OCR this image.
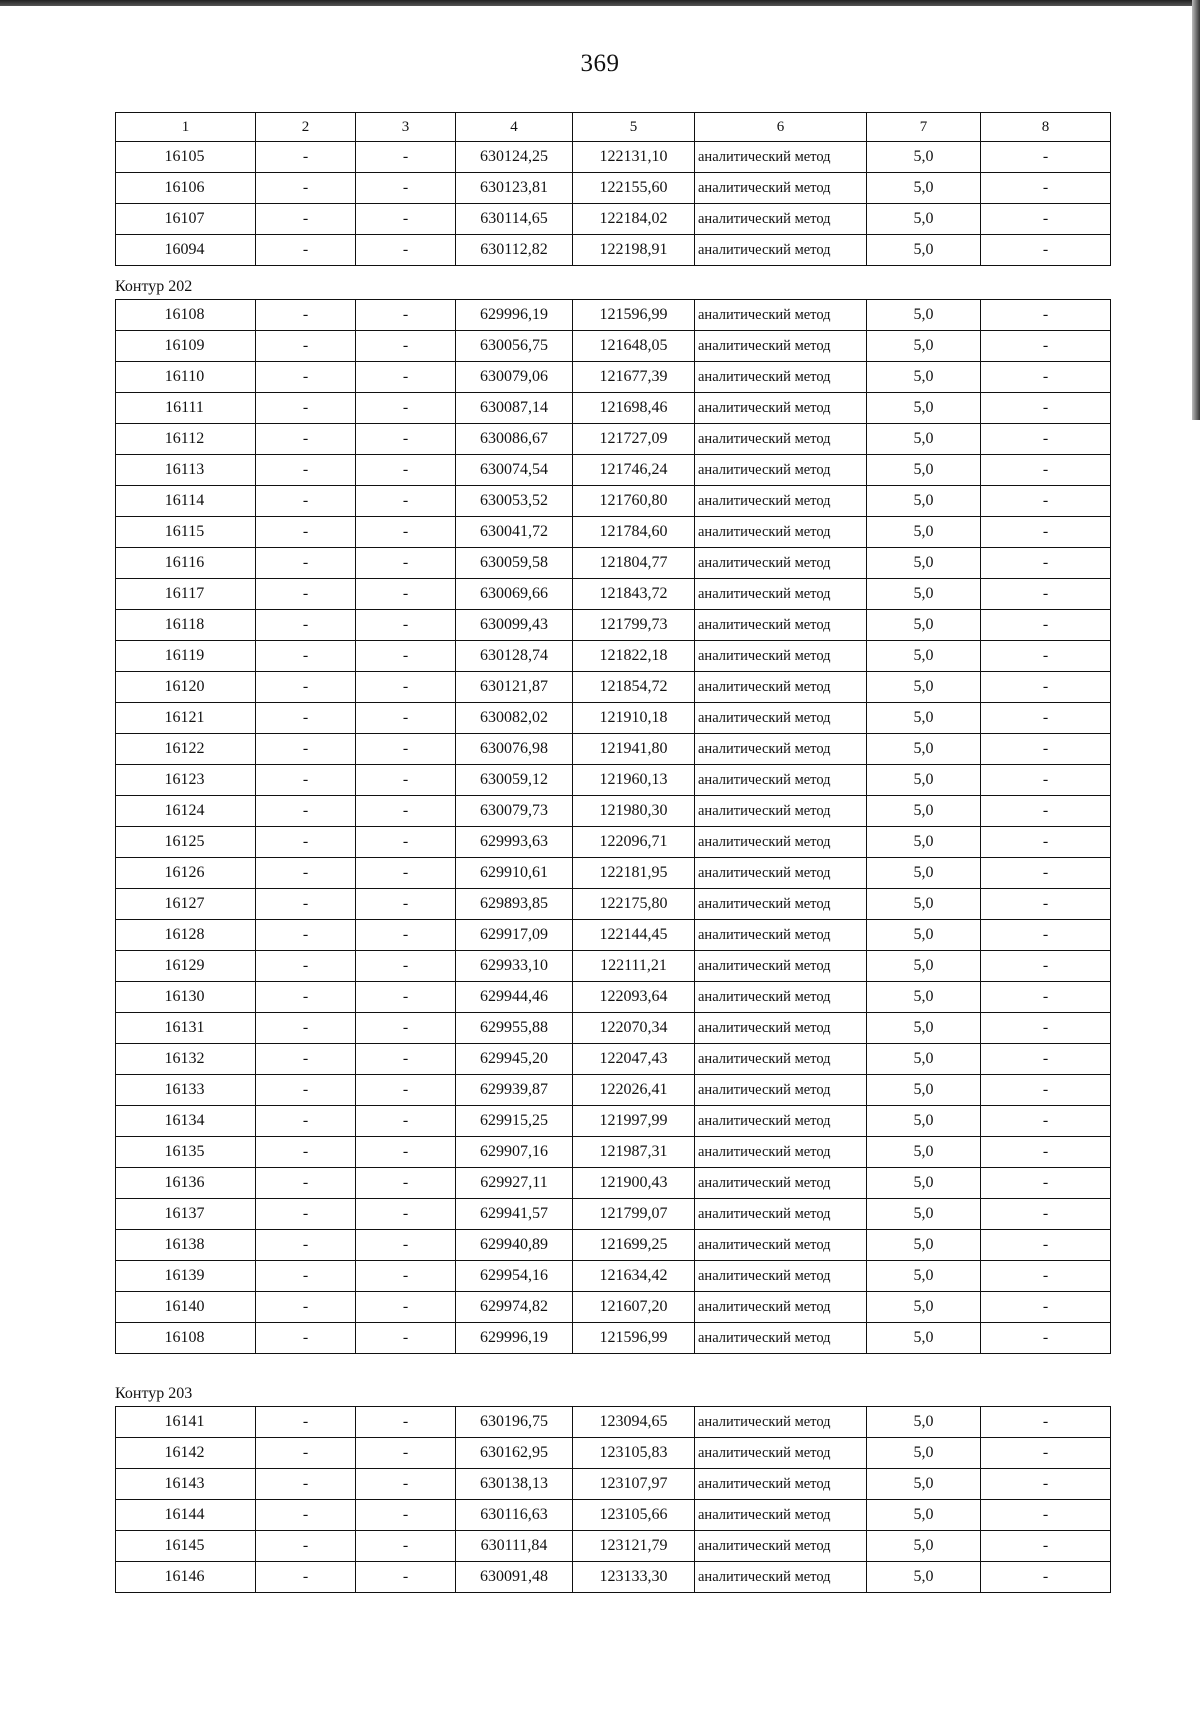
369
1	2	3	4	5	6	7	8
16105	-	-	630124,25	122131,10	аналитический метод	5,0	-
16106	-	-	630123,81	122155,60	аналитический метод	5,0	-
16107	-	-	630114,65	122184,02	аналитический метод	5,0	-
16094	-	-	630112,82	122198,91	аналитический метод	5,0	-
Контур 202
16108	-	-	629996,19	121596,99	аналитический метод	5,0	-
16109	-	-	630056,75	121648,05	аналитический метод	5,0	-
16110	-	-	630079,06	121677,39	аналитический метод	5,0	-
16111	-	-	630087,14	121698,46	аналитический метод	5,0	-
16112	-	-	630086,67	121727,09	аналитический метод	5,0	-
16113	-	-	630074,54	121746,24	аналитический метод	5,0	-
16114	-	-	630053,52	121760,80	аналитический метод	5,0	-
16115	-	-	630041,72	121784,60	аналитический метод	5,0	-
16116	-	-	630059,58	121804,77	аналитический метод	5,0	-
16117	-	-	630069,66	121843,72	аналитический метод	5,0	-
16118	-	-	630099,43	121799,73	аналитический метод	5,0	-
16119	-	-	630128,74	121822,18	аналитический метод	5,0	-
16120	-	-	630121,87	121854,72	аналитический метод	5,0	-
16121	-	-	630082,02	121910,18	аналитический метод	5,0	-
16122	-	-	630076,98	121941,80	аналитический метод	5,0	-
16123	-	-	630059,12	121960,13	аналитический метод	5,0	-
16124	-	-	630079,73	121980,30	аналитический метод	5,0	-
16125	-	-	629993,63	122096,71	аналитический метод	5,0	-
16126	-	-	629910,61	122181,95	аналитический метод	5,0	-
16127	-	-	629893,85	122175,80	аналитический метод	5,0	-
16128	-	-	629917,09	122144,45	аналитический метод	5,0	-
16129	-	-	629933,10	122111,21	аналитический метод	5,0	-
16130	-	-	629944,46	122093,64	аналитический метод	5,0	-
16131	-	-	629955,88	122070,34	аналитический метод	5,0	-
16132	-	-	629945,20	122047,43	аналитический метод	5,0	-
16133	-	-	629939,87	122026,41	аналитический метод	5,0	-
16134	-	-	629915,25	121997,99	аналитический метод	5,0	-
16135	-	-	629907,16	121987,31	аналитический метод	5,0	-
16136	-	-	629927,11	121900,43	аналитический метод	5,0	-
16137	-	-	629941,57	121799,07	аналитический метод	5,0	-
16138	-	-	629940,89	121699,25	аналитический метод	5,0	-
16139	-	-	629954,16	121634,42	аналитический метод	5,0	-
16140	-	-	629974,82	121607,20	аналитический метод	5,0	-
16108	-	-	629996,19	121596,99	аналитический метод	5,0	-
Контур 203
16141	-	-	630196,75	123094,65	аналитический метод	5,0	-
16142	-	-	630162,95	123105,83	аналитический метод	5,0	-
16143	-	-	630138,13	123107,97	аналитический метод	5,0	-
16144	-	-	630116,63	123105,66	аналитический метод	5,0	-
16145	-	-	630111,84	123121,79	аналитический метод	5,0	-
16146	-	-	630091,48	123133,30	аналитический метод	5,0	-
